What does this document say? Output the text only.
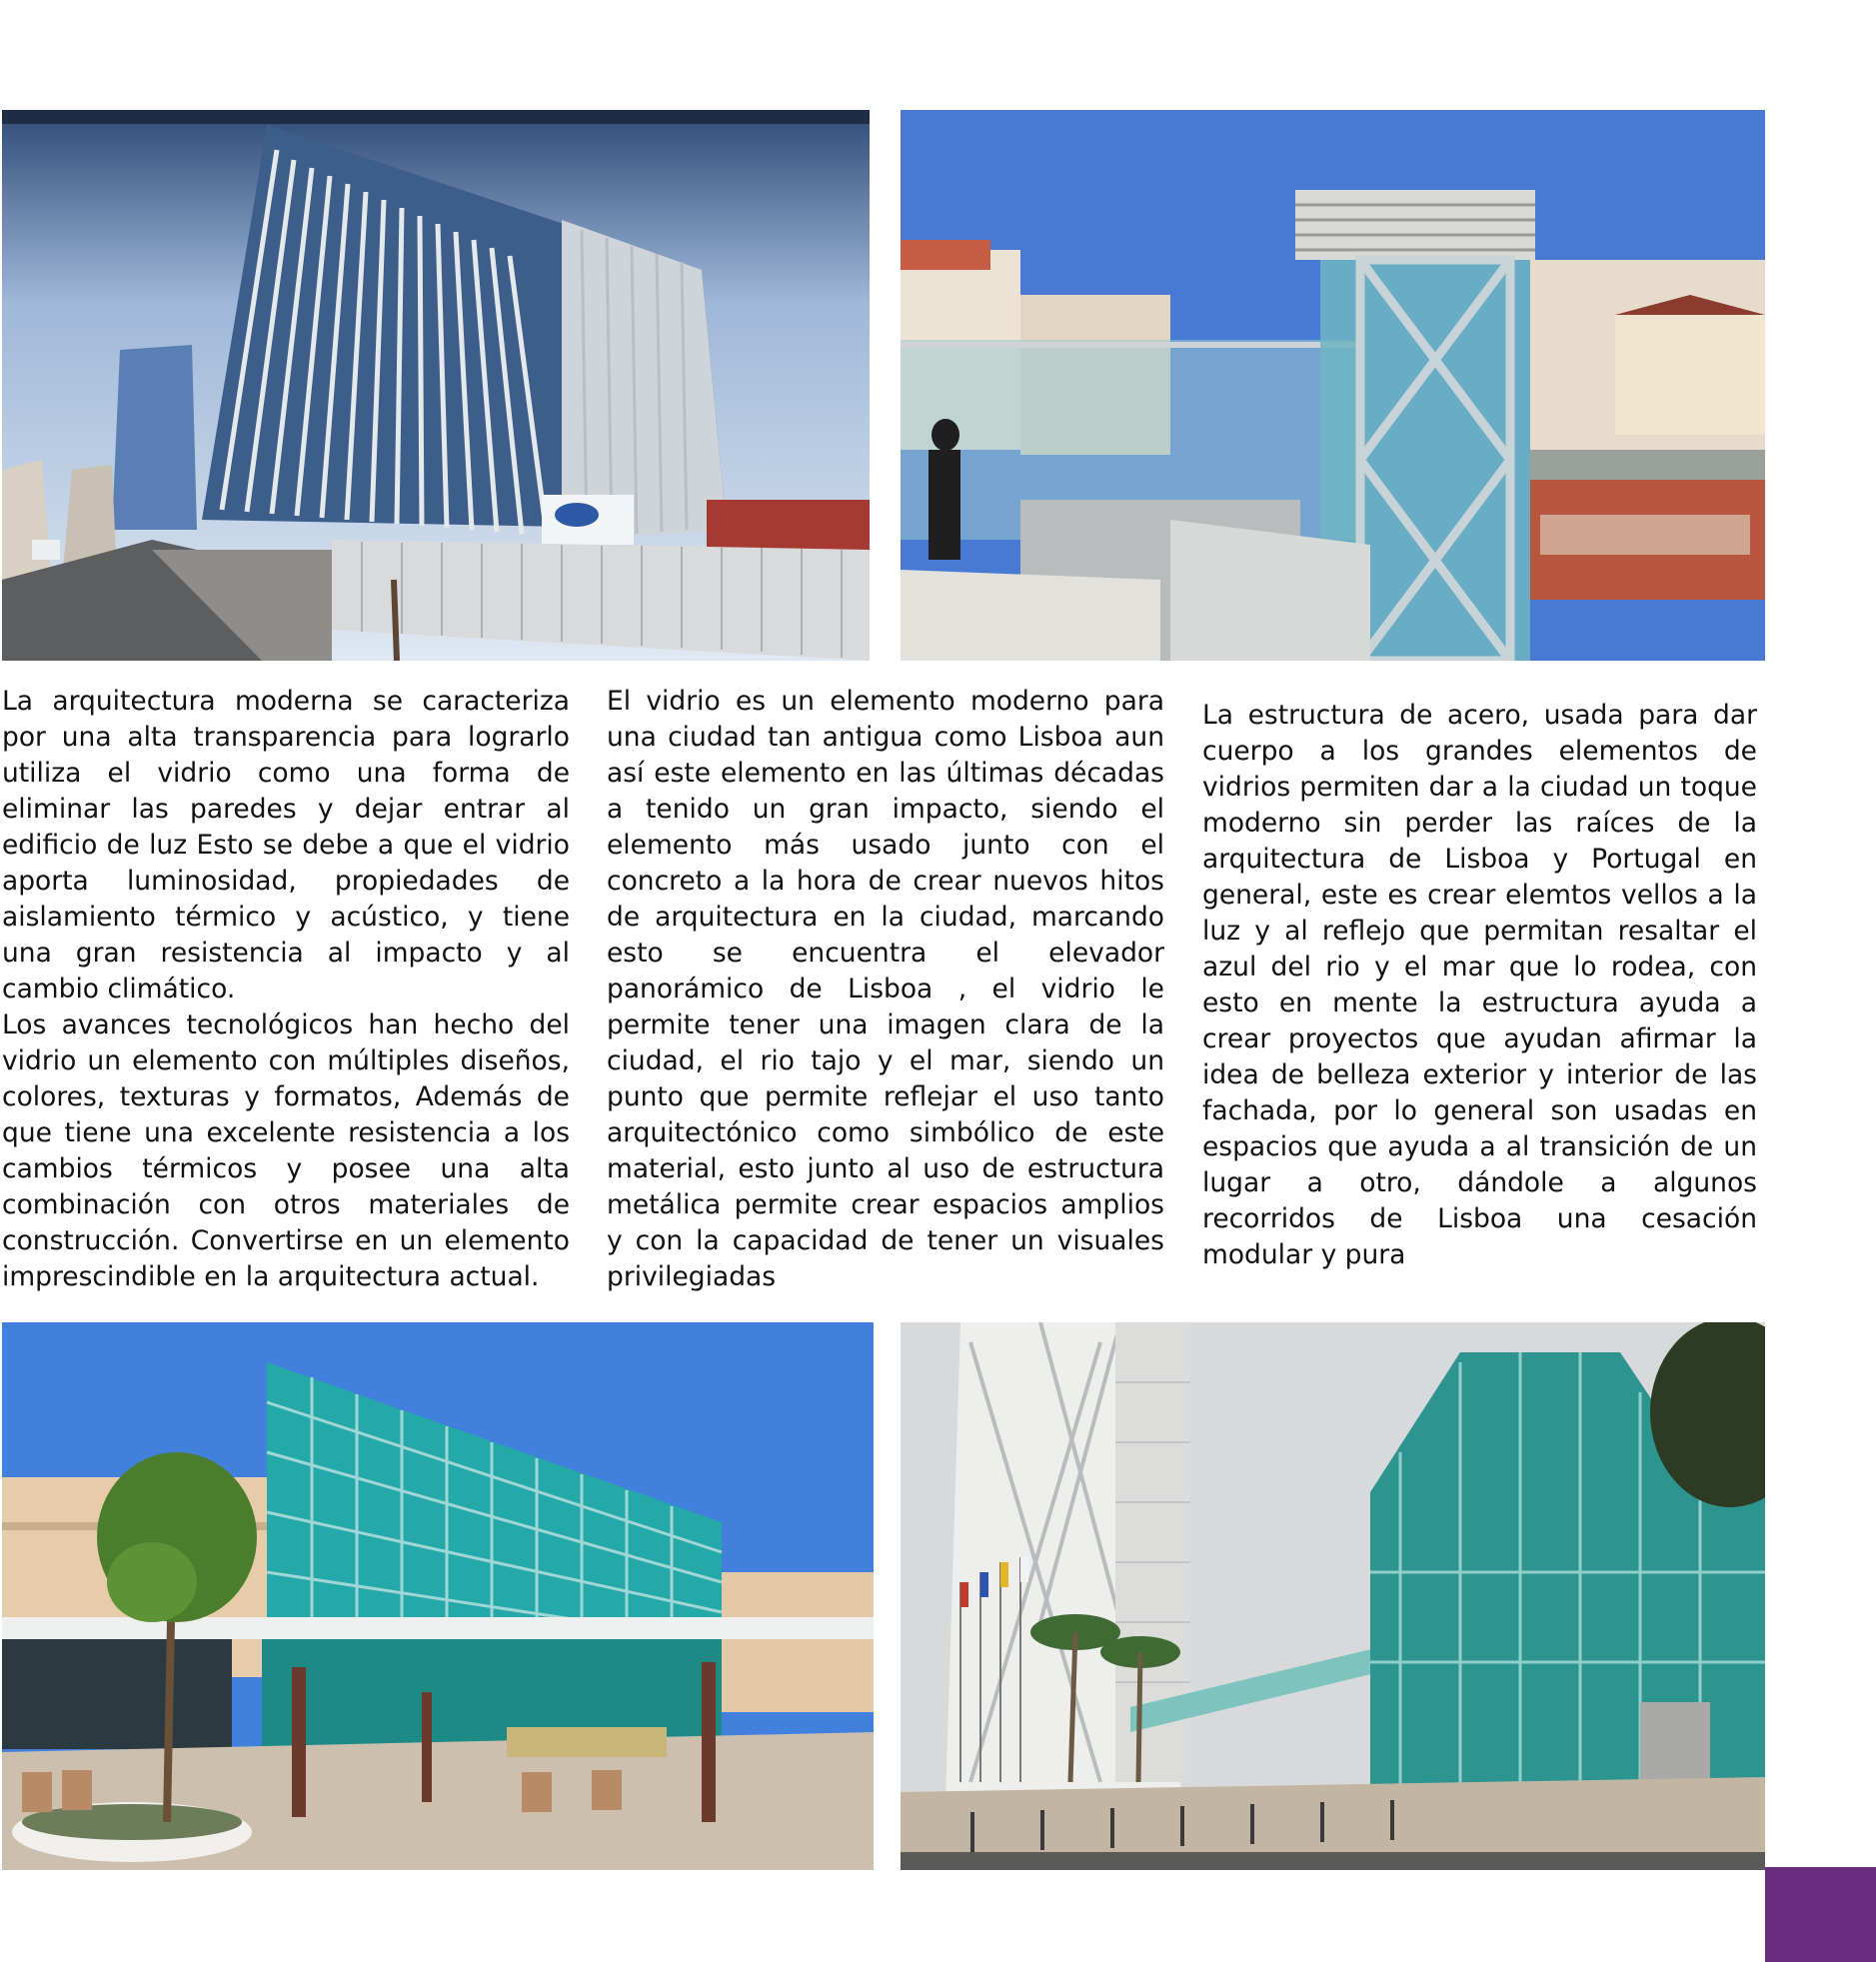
La arquitectura moderna se caracteriza por una alta transparencia para lograrlo utiliza el vidrio como una forma de eliminar las paredes y dejar entrar al edificio de luz Esto se debe a que el vidrio aporta luminosidad, propiedades de aislamiento térmico y acústico, y tiene una gran resistencia al impacto y al cambio climático.

Los avances tecnológicos han hecho del vidrio un elemento con múltiples diseños, colores, texturas y formatos, Además de que tiene una excelente resistencia a los cambios térmicos y posee una alta combinación con otros materiales de construcción. Convertirse en un elemento imprescindible en la arquitectura actual.

El vidrio es un elemento moderno para una ciudad tan antigua como Lisboa aun así este elemento en las últimas décadas a tenido un gran impacto, siendo el elemento más usado junto con el concreto a la hora de crear nuevos hitos de arquitectura en la ciudad, marcando esto se encuentra el elevador panorámico de Lisboa , el vidrio le permite tener una imagen clara de la ciudad, el rio tajo y el mar, siendo un punto que permite reflejar el uso tanto arquitectónico como simbólico de este material, esto junto al uso de estructura metálica permite crear espacios amplios y con la capacidad de tener un visuales privilegiadas

La estructura de acero, usada para dar cuerpo a los grandes elementos de vidrios permiten dar a la ciudad un toque moderno sin perder las raíces de la arquitectura de Lisboa y Portugal en general, este es crear elemtos vellos a la luz y al reflejo que permitan resaltar el azul del rio y el mar que lo rodea, con esto en mente la estructura ayuda a crear proyectos que ayudan afirmar la idea de belleza exterior y interior de las fachada, por lo general son usadas en espacios que ayuda a al transición de un lugar a otro, dándole a algunos recorridos de Lisboa una cesación modular y pura
